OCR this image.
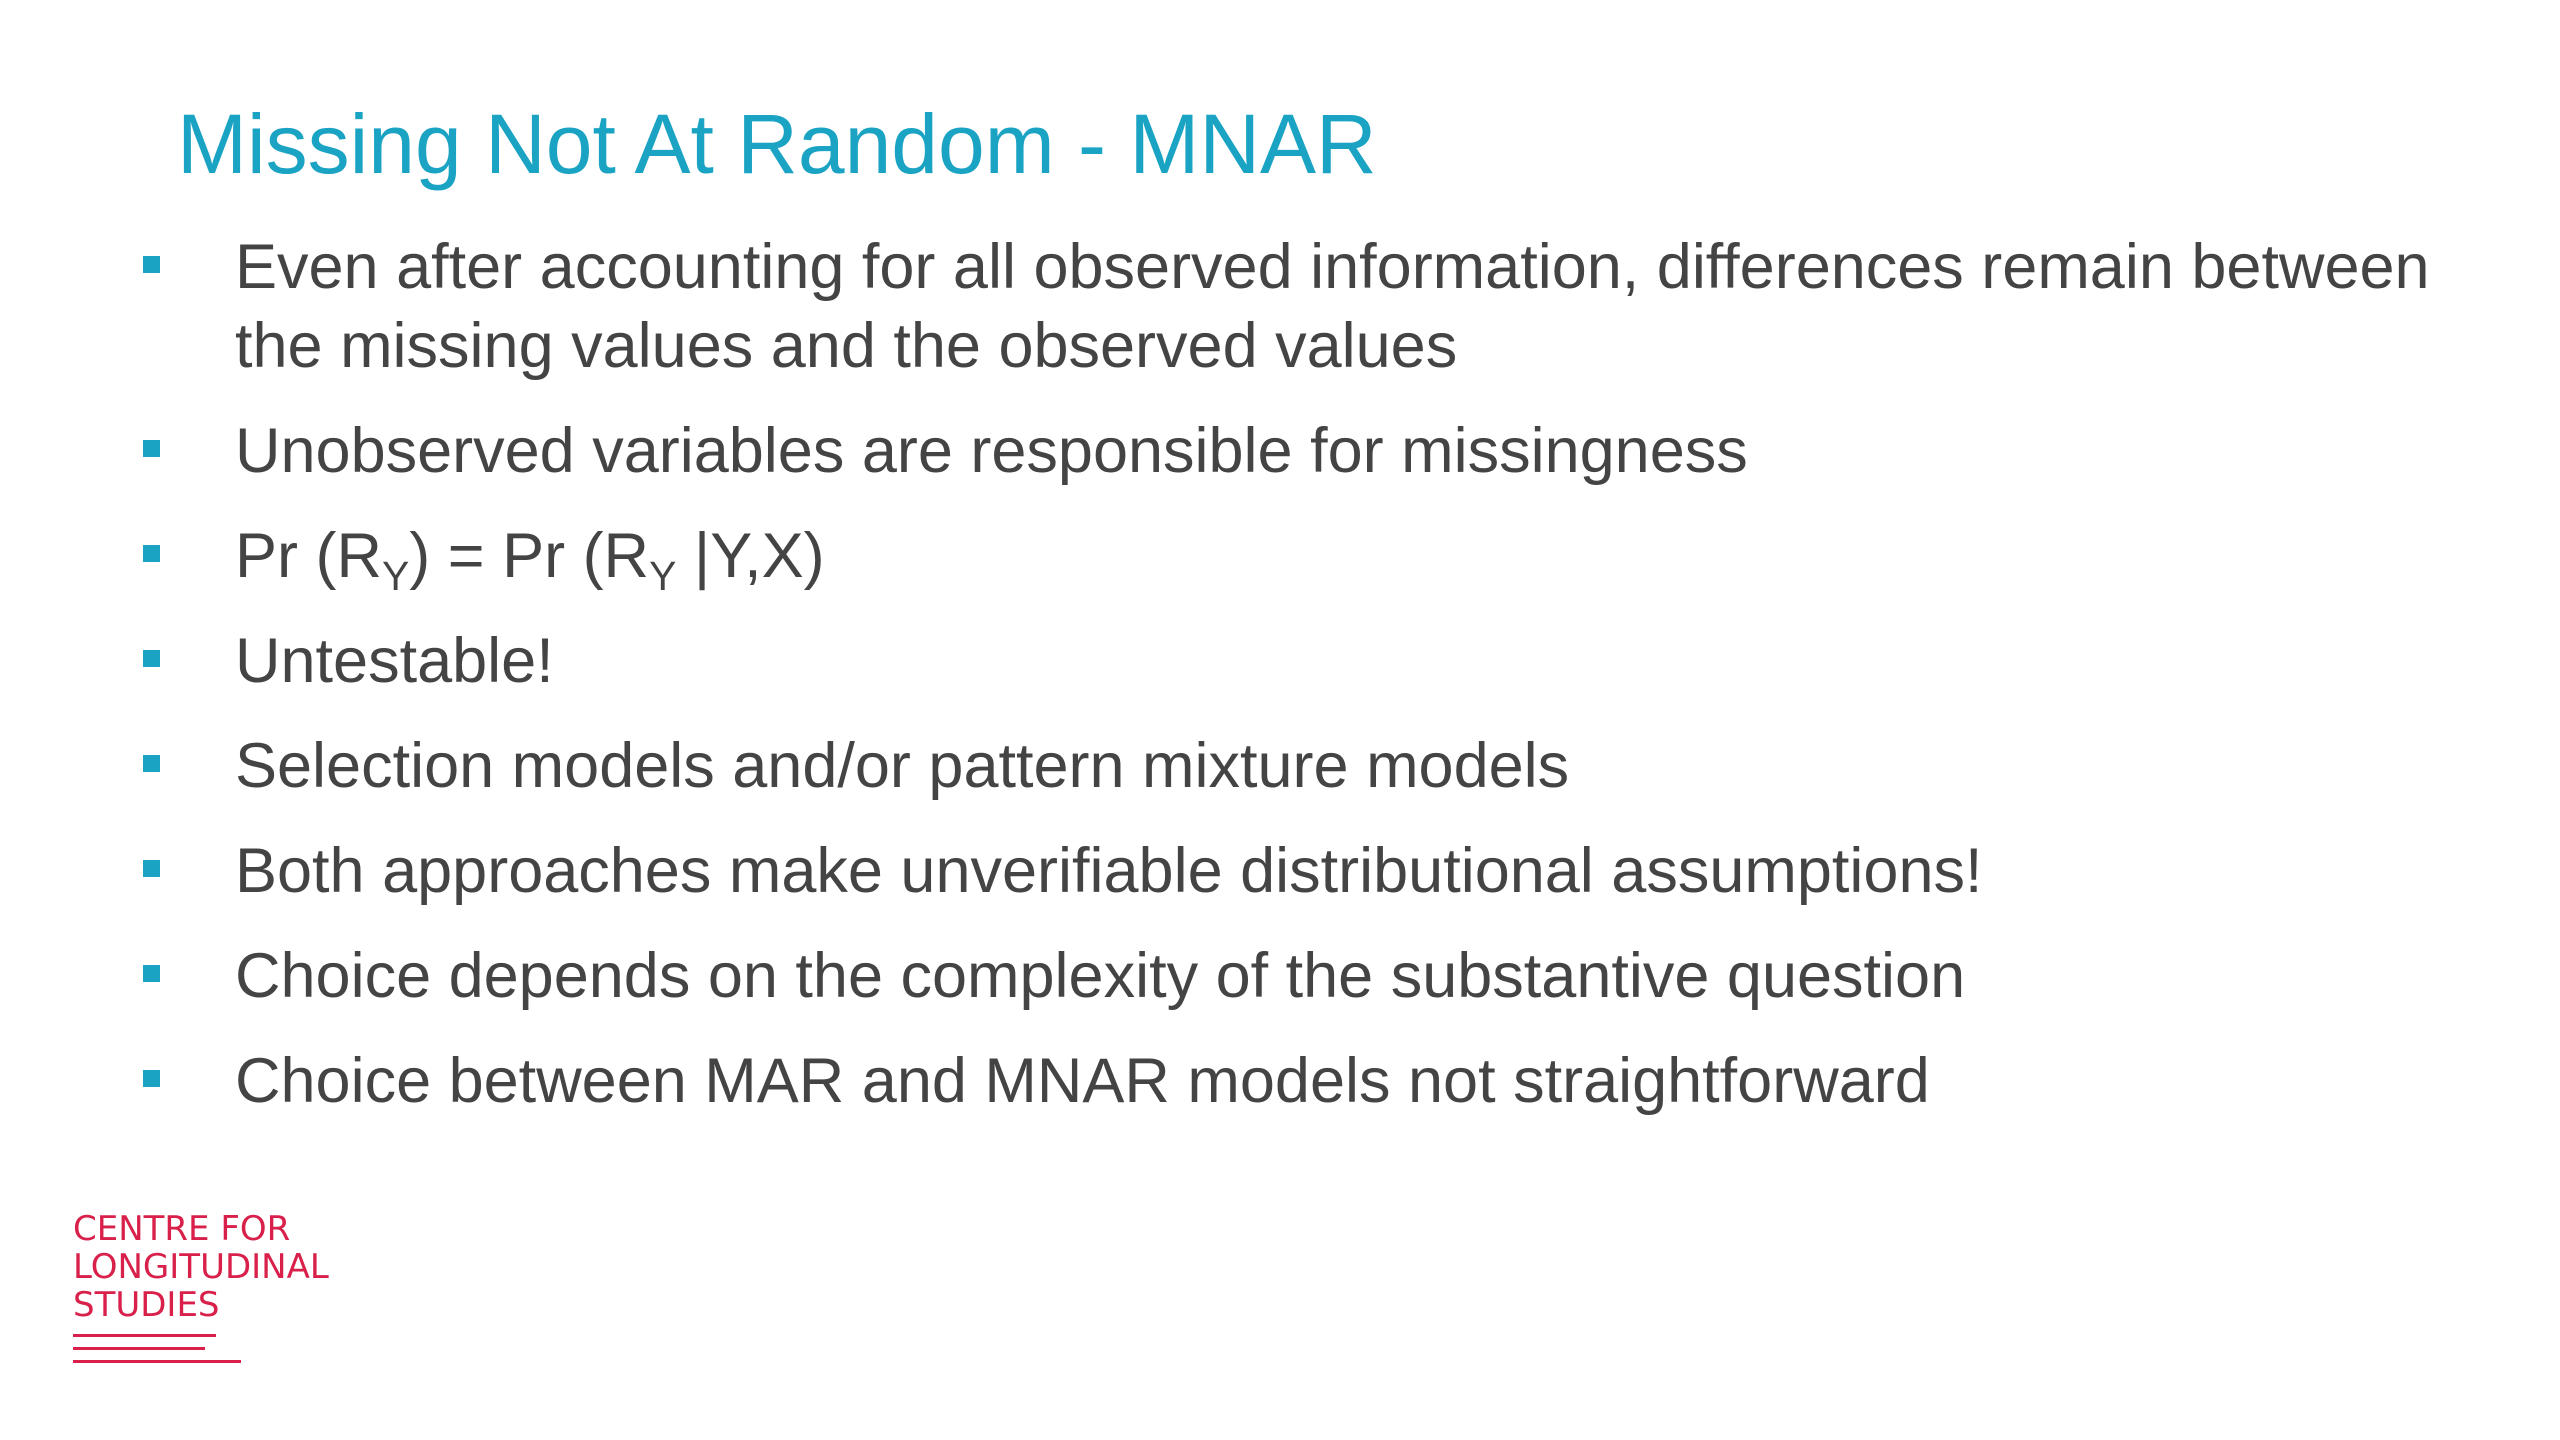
Missing Not At Random - MNAR
Even after accounting for all observed information, differences remain between the missing values and the observed values
Unobserved variables are responsible for missingness
Pr $(R_Y) = Pr$ ($R_Y$ |Y,X)
Untestable!
Selection models and/or pattern mixture models
Both approaches make unverifiable distributional assumptions!
Choice depends on the complexity of the substantive question
Choice between MAR and MNAR models not straightforward
CENTRE FOR
LONGITUDINAL
STUDIES
